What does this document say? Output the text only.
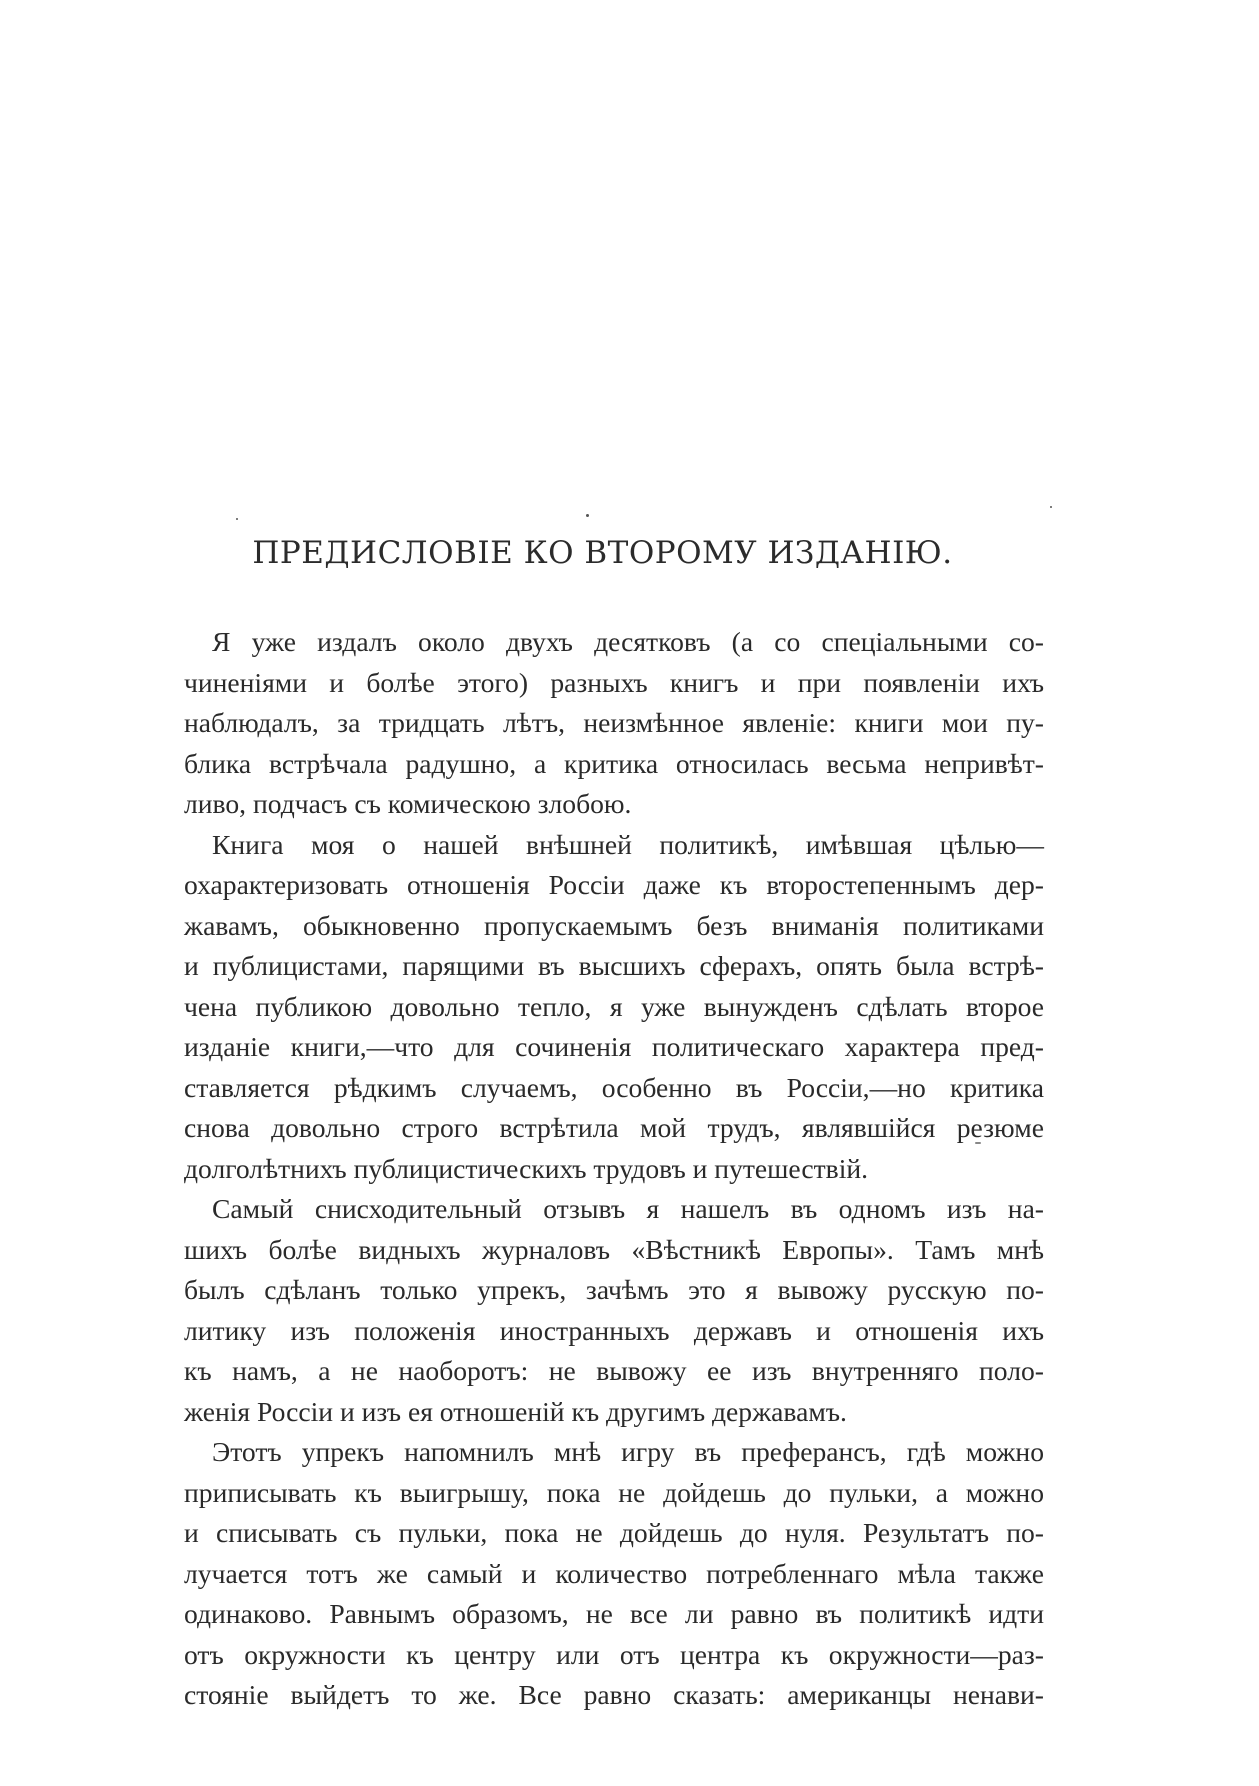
ПРЕДИСЛОВІЕ КО ВТОРОМУ ИЗДАНІЮ.
Я уже издалъ около двухъ десятковъ (а со спеціальными со-
чиненіями и болѣе этого) разныхъ книгъ и при появленіи ихъ
наблюдалъ, за тридцать лѣтъ, неизмѣнное явленіе: книги мои пу-
блика встрѣчала радушно, а критика относилась весьма непривѣт-
ливо, подчасъ съ комическою злобою.
Книга моя о нашей внѣшней политикѣ, имѣвшая цѣлью—
охарактеризовать отношенія Россіи даже къ второстепеннымъ дер-
жавамъ, обыкновенно пропускаемымъ безъ вниманія политиками
и публицистами, парящими въ высшихъ сферахъ, опять была встрѣ-
чена публикою довольно тепло, я уже вынужденъ сдѣлать второе
изданіе книги,—что для сочиненія политическаго характера пред-
ставляется рѣдкимъ случаемъ, особенно въ Россіи,—но критика
снова довольно строго встрѣтила мой трудъ, являвшійся резюме
долголѣтнихъ публицистическихъ трудовъ и путешествій.
Самый снисходительный отзывъ я нашелъ въ одномъ изъ на-
шихъ болѣе видныхъ журналовъ «Вѣстникѣ Европы». Тамъ мнѣ
былъ сдѣланъ только упрекъ, зачѣмъ это я вывожу русскую по-
литику изъ положенія иностранныхъ державъ и отношенія ихъ
къ намъ, а не наоборотъ: не вывожу ее изъ внутренняго поло-
женія Россіи и изъ ея отношеній къ другимъ державамъ.
Этотъ упрекъ напомнилъ мнѣ игру въ преферансъ, гдѣ можно
приписывать къ выигрышу, пока не дойдешь до пульки, а можно
и списывать съ пульки, пока не дойдешь до нуля. Результатъ по-
лучается тотъ же самый и количество потребленнаго мѣла также
одинаково. Равнымъ образомъ, не все ли равно въ политикѣ идти
отъ окружности къ центру или отъ центра къ окружности—раз-
стояніе выйдетъ то же. Все равно сказать: американцы ненави-
